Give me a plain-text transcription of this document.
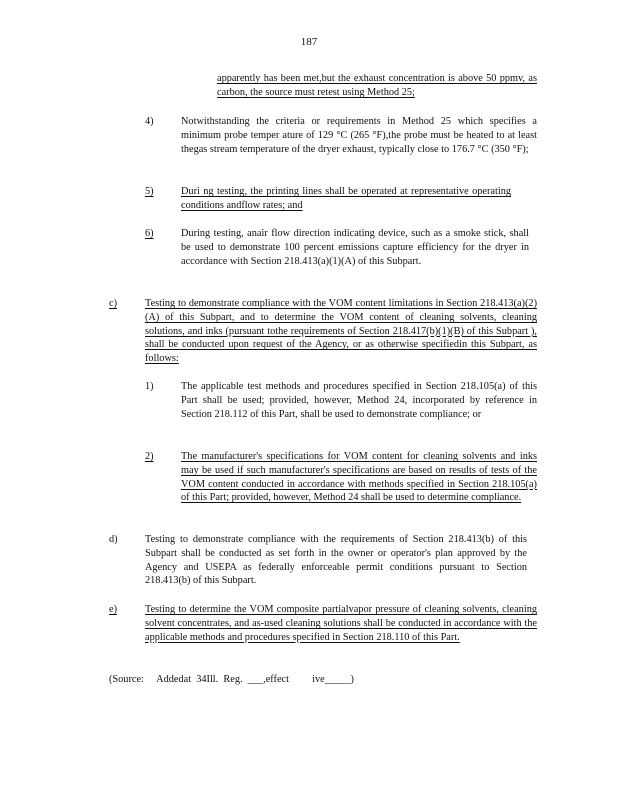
187
apparently has been met,but the exhaust concentration is above 50 ppmv, as carbon, the source must retest using Method 25;
4)	Notwithstanding the criteria or requirements in Method 25 which specifies a minimum probe temper ature of 129 °C (265 °F),the probe must be heated to at least thegas stream temperature of the dryer exhaust, typically close to 176.7 °C (350 °F);
5)	Duri ng testing, the printing lines shall be operated at representative operating conditions andflow rates; and
6)	During testing, anair flow direction indicating device, such as a smoke stick, shall be used to demonstrate 100 percent emissions capture efficiency for the dryer in accordance with Section 218.413(a)(1)(A) of this Subpart.
c)	Testing to demonstrate compliance with the VOM content limitations in Section 218.413(a)(2)(A) of this Subpart, and to determine the VOM content of cleaning solvents, cleaning solutions, and inks (pursuant tothe requirements of Section 218.417(b)(1)(B) of this Subpart ), shall be conducted upon request of the Agency, or as otherwise specifiedin this Subpart, as follows:
1)	The applicable test methods and procedures specified in Section 218.105(a) of this Part shall be used; provided, however, Method 24, incorporated by reference in Section 218.112 of this Part, shall be used to demonstrate compliance; or
2)	The manufacturer's specifications for VOM content for cleaning solvents and inks may be used if such manufacturer's specifications are based on results of tests of the VOM content conducted in accordance with methods specified in Section 218.105(a) of this Part; provided, however, Method 24 shall be used to determine compliance.
d)	Testing to demonstrate compliance with the requirements of Section 218.413(b) of this Subpart shall be conducted as set forth in the owner or operator's plan approved by the Agency and USEPA as federally enforceable permit conditions pursuant to Section 218.413(b) of this Subpart.
e)	Testing to determine the VOM composite partialvapor pressure of cleaning solvents, cleaning solvent concentrates, and as-used cleaning solutions shall be conducted in accordance with the applicable methods and procedures specified in Section 218.110 of this Part.
(Source:     Addedat  34Ill.  Reg.  ___,effect         ive_____)
